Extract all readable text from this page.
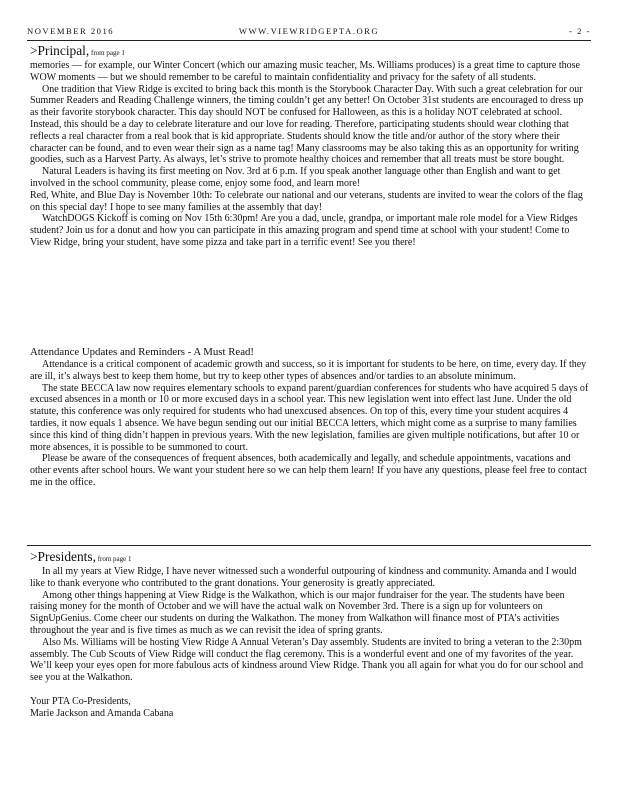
NOVEMBER 2016	WWW.VIEWRIDGEPTA.ORG	- 2 -
>Principal, from page 1

memories — for example, our Winter Concert (which our amazing music teacher, Ms. Williams produces) is a great time to capture those WOW moments — but we should remember to be careful to maintain confidentiality and privacy for the safety of all students.

One tradition that View Ridge is excited to bring back this month is the Storybook Character Day. With such a great celebration for our Summer Readers and Reading Challenge winners, the timing couldn’t get any better! On October 31st students are encouraged to dress up as their favorite storybook character. This day should NOT be confused for Halloween, as this is a holiday NOT celebrated at school. Instead, this should be a day to celebrate literature and our love for reading. Therefore, participating students should wear clothing that reflects a real character from a real book that is kid appropriate. Students should know the title and/or author of the story where their character can be found, and to even wear their sign as a name tag! Many classrooms may be also taking this as an opportunity for writing goodies, such as a Harvest Party. As always, let’s strive to promote healthy choices and remember that all treats must be store bought.

Natural Leaders is having its first meeting on Nov. 3rd at 6 p.m. If you speak another language other than English and want to get involved in the school community, please come, enjoy some food, and learn more!

Red, White, and Blue Day is November 10th: To celebrate our national and our veterans, students are invited to wear the colors of the flag on this special day! I hope to see many families at the assembly that day!

WatchDOGS Kickoff is coming on Nov 15th 6:30pm! Are you a dad, uncle, grandpa, or important male role model for a View Ridges student? Join us for a donut and how you can participate in this amazing program and spend time at school with your student! Come to View Ridge, bring your student, have some pizza and take part in a terrific event! See you there!

Attendance Updates and Reminders - A Must Read!

Attendance is a critical component of academic growth and success, so it is important for students to be here, on time, every day. If they are ill, it’s always best to keep them home, but try to keep other types of absences and/or tardies to an absolute minimum.

The state BECCA law now requires elementary schools to expand parent/guardian conferences for students who have acquired 5 days of excused absences in a month or 10 or more excused days in a school year. This new legislation went into effect last June. Under the old statute, this conference was only required for students who had unexcused absences. On top of this, every time your student acquires 4 tardies, it now equals 1 absence. We have begun sending out our initial BECCA letters, which might come as a surprise to many families since this kind of thing didn’t happen in previous years. With the new legislation, families are given multiple notifications, but after 10 or more absences, it is possible to be summoned to court.

Please be aware of the consequences of frequent absences, both academically and legally, and schedule appointments, vacations and other events after school hours. We want your student here so we can help them learn! If you have any questions, please feel free to contact me in the office.

>Presidents, from page 1

In all my years at View Ridge, I have never witnessed such a wonderful outpouring of kindness and community. Amanda and I would like to thank everyone who contributed to the grant donations. Your generosity is greatly appreciated.

Among other things happening at View Ridge is the Walkathon, which is our major fundraiser for the year. The students have been raising money for the month of October and we will have the actual walk on November 3rd. There is a sign up for volunteers on SignUpGenius. Come cheer our students on during the Walkathon. The money from Walkathon will finance most of PTA’s activities throughout the year and is five times as much as we can revisit the idea of spring grants.

Also Ms. Williams will be hosting View Ridge A Annual Veteran’s Day assembly. Students are invited to bring a veteran to the 2:30pm assembly. The Cub Scouts of View Ridge will conduct the flag ceremony. This is a wonderful event and one of my favorites of the year. We’ll keep your eyes open for more fabulous acts of kindness around View Ridge. Thank you all again for what you do for our school and see you at the Walkathon.

Your PTA Co-Presidents,

Marie Jackson and Amanda Cabana
